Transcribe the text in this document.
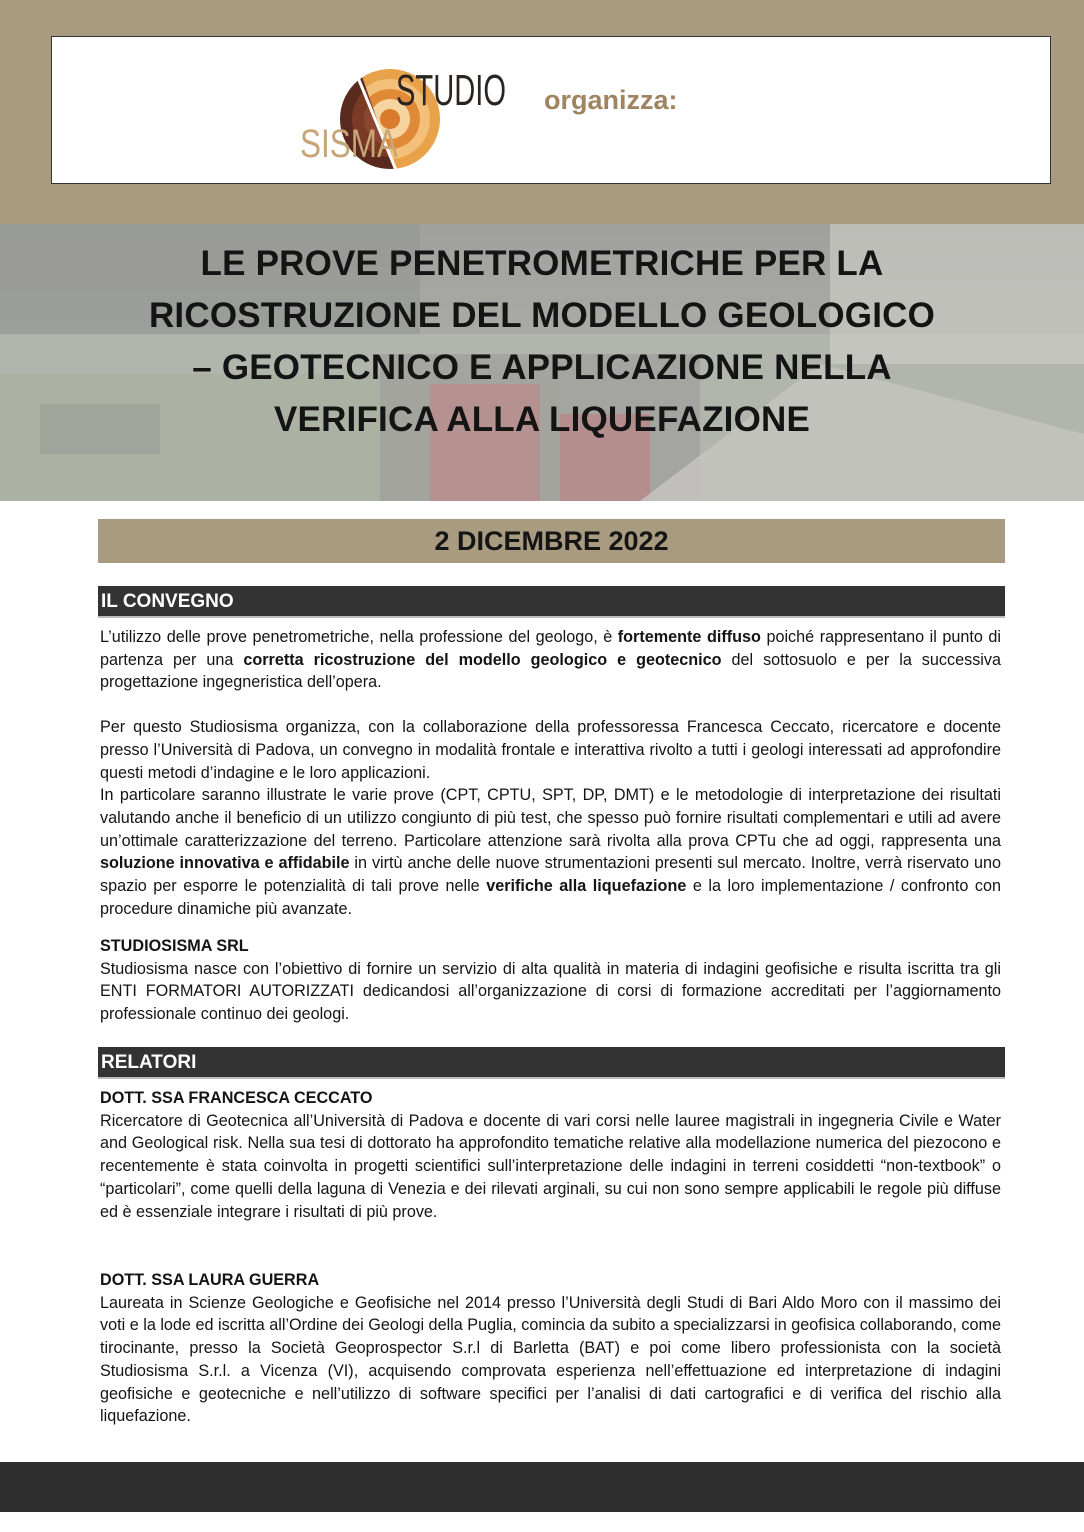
STUDIO
SISMA
organizza:
LE PROVE PENETROMETRICHE PER LA
RICOSTRUZIONE DEL MODELLO GEOLOGICO
– GEOTECNICO E APPLICAZIONE NELLA
VERIFICA ALLA LIQUEFAZIONE
2 DICEMBRE 2022
IL CONVEGNO

L’utilizzo delle prove penetrometriche, nella professione del geologo, è fortemente diffuso poiché rappresentano il punto di partenza per una corretta ricostruzione del modello geologico e geotecnico del sottosuolo e per la successiva progettazione ingegneristica dell’opera.

Per questo Studiosisma organizza, con la collaborazione della professoressa Francesca Ceccato, ricercatore e docente presso l’Università di Padova, un convegno in modalità frontale e interattiva rivolto a tutti i geologi interessati ad approfondire questi metodi d’indagine e le loro applicazioni.

In particolare saranno illustrate le varie prove (CPT, CPTU, SPT, DP, DMT) e le metodologie di interpretazione dei risultati valutando anche il beneficio di un utilizzo congiunto di più test, che spesso può fornire risultati complementari e utili ad avere un’ottimale caratterizzazione del terreno. Particolare attenzione sarà rivolta alla prova CPTu che ad oggi, rappresenta una soluzione innovativa e affidabile in virtù anche delle nuove strumentazioni presenti sul mercato. Inoltre, verrà riservato uno spazio per esporre le potenzialità di tali prove nelle verifiche alla liquefazione e la loro implementazione / confronto con procedure dinamiche più avanzate.

STUDIOSISMA SRL

Studiosisma nasce con l’obiettivo di fornire un servizio di alta qualità in materia di indagini geofisiche e risulta iscritta tra gli ENTI FORMATORI AUTORIZZATI dedicandosi all’organizzazione di corsi di formazione accreditati per l’aggiornamento professionale continuo dei geologi.

RELATORI

DOTT. SSA FRANCESCA CECCATO

Ricercatore di Geotecnica all’Università di Padova e docente di vari corsi nelle lauree magistrali in ingegneria Civile e Water and Geological risk. Nella sua tesi di dottorato ha approfondito tematiche relative alla modellazione numerica del piezocono e recentemente è stata coinvolta in progetti scientifici sull’interpretazione delle indagini in terreni cosiddetti “non-textbook” o “particolari”, come quelli della laguna di Venezia e dei rilevati arginali, su cui non sono sempre applicabili le regole più diffuse ed è essenziale integrare i risultati di più prove.

DOTT. SSA LAURA GUERRA

Laureata in Scienze Geologiche e Geofisiche nel 2014 presso l’Università degli Studi di Bari Aldo Moro con il massimo dei voti e la lode ed iscritta all’Ordine dei Geologi della Puglia, comincia da subito a specializzarsi in geofisica collaborando, come tirocinante, presso la Società Geoprospector S.r.l di Barletta (BAT) e poi come libero professionista con la società Studiosisma S.r.l. a Vicenza (VI), acquisendo comprovata esperienza nell’effettuazione ed interpretazione di indagini geofisiche e geotecniche e nell’utilizzo di software specifici per l’analisi di dati cartografici e di verifica del rischio alla liquefazione.
